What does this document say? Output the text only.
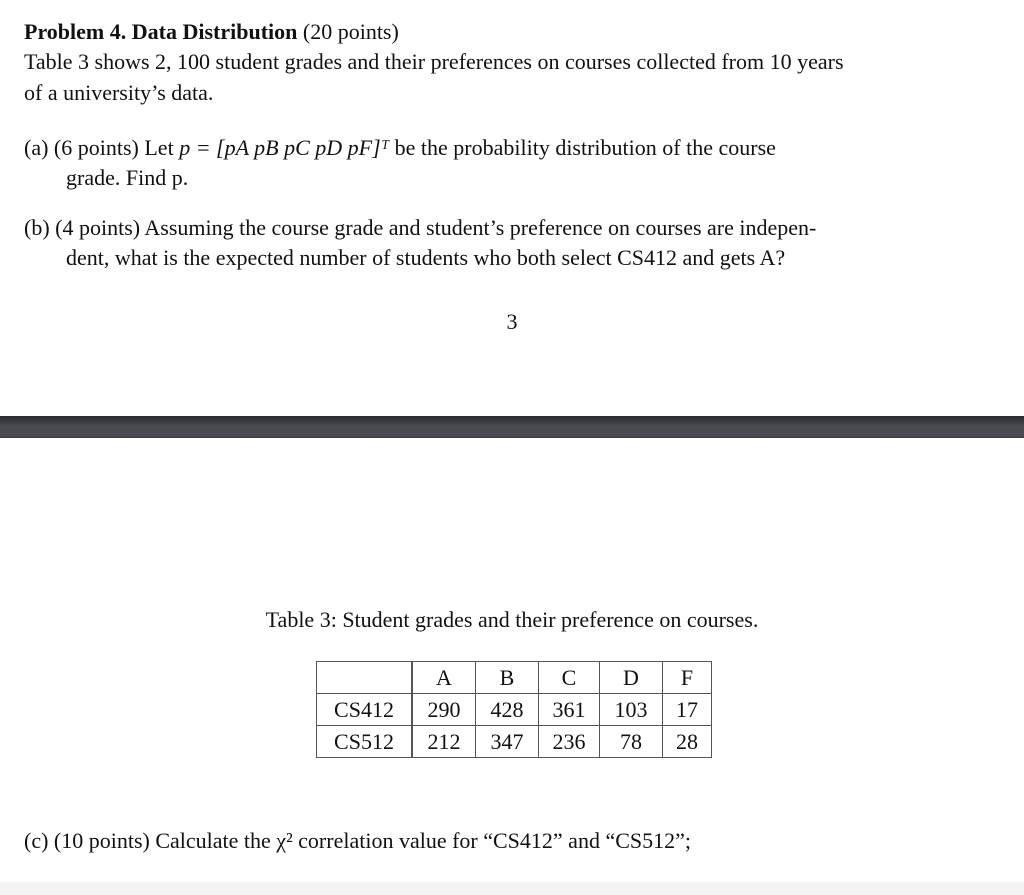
Problem 4. Data Distribution (20 points)
Table 3 shows 2, 100 student grades and their preferences on courses collected from 10 years
of a university’s data.
(a) (6 points) Let p = [pA pB pC pD pF]ᵀ be the probability distribution of the course
grade. Find p.
(b) (4 points) Assuming the course grade and student’s preference on courses are indepen-
dent, what is the expected number of students who both select CS412 and gets A?
3
Table 3: Student grades and their preference on courses.
	A	B	C	D	F
CS412	290	428	361	103	17
CS512	212	347	236	78	28
(c) (10 points) Calculate the χ² correlation value for “CS412” and “CS512”;
